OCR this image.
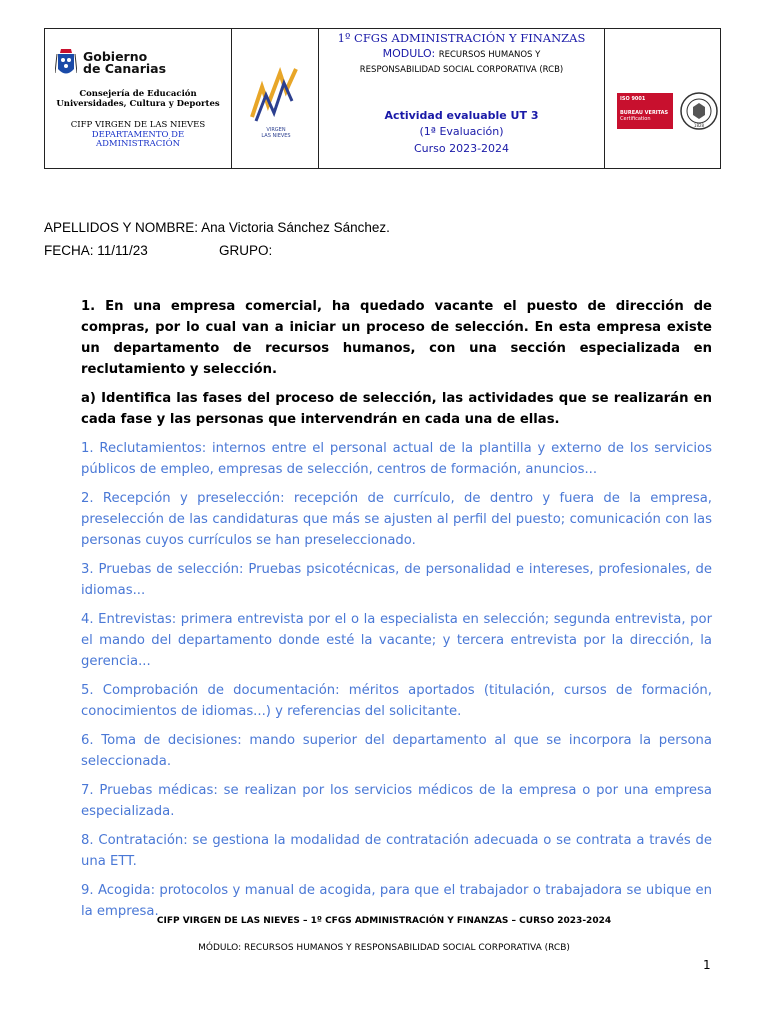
Gobierno
de Canarias
Consejería de Educación
Universidades, Cultura y Deportes
CIFP VIRGEN DE LAS NIEVES
DEPARTAMENTO DE
ADMINISTRACIÓN
VIRGEN
LAS NIEVES
1º CFGS ADMINISTRACIÓN Y FINANZAS
MODULO: RECURSOS HUMANOS Y
RESPONSABILIDAD SOCIAL CORPORATIVA (RCB)
Actividad evaluable UT 3
(1ª Evaluación)
Curso 2023-2024
ISO 9001
BUREAU VERITAS
Certification
1828
APELLIDOS Y NOMBRE: Ana Victoria Sánchez Sánchez.
FECHA: 11/11/23	GRUPO:

1. En una empresa comercial, ha quedado vacante el puesto de dirección de compras, por lo cual van a iniciar un proceso de selección. En esta empresa existe un departamento de recursos humanos, con una sección especializada en reclutamiento y selección.

a) Identifica las fases del proceso de selección, las actividades que se realizarán en cada fase y las personas que intervendrán en cada una de ellas.

1. Reclutamientos: internos entre el personal actual de la plantilla y externo de los servicios públicos de empleo, empresas de selección, centros de formación, anuncios...

2. Recepción y preselección: recepción de currículo, de dentro y fuera de la empresa, preselección de las candidaturas que más se ajusten al perfil del puesto; comunicación con las personas cuyos currículos se han preseleccionado.

3. Pruebas de selección: Pruebas psicotécnicas, de personalidad e intereses, profesionales, de idiomas...

4. Entrevistas: primera entrevista por el o la especialista en selección; segunda entrevista, por el mando del departamento donde esté la vacante; y tercera entrevista por la dirección, la gerencia...

5. Comprobación de documentación: méritos aportados (titulación, cursos de formación, conocimientos de idiomas...) y referencias del solicitante.

6. Toma de decisiones: mando superior del departamento al que se incorpora la persona seleccionada.

7. Pruebas médicas: se realizan por los servicios médicos de la empresa o por una empresa especializada.

8. Contratación: se gestiona la modalidad de contratación adecuada o se contrata a través de una ETT.

9. Acogida: protocolos y manual de acogida, para que el trabajador o trabajadora se ubique en la empresa.

CIFP VIRGEN DE LAS NIEVES – 1º CFGS ADMINISTRACIÓN Y FINANZAS – CURSO 2023-2024
MÓDULO: RECURSOS HUMANOS Y RESPONSABILIDAD SOCIAL CORPORATIVA (RCB)
1
